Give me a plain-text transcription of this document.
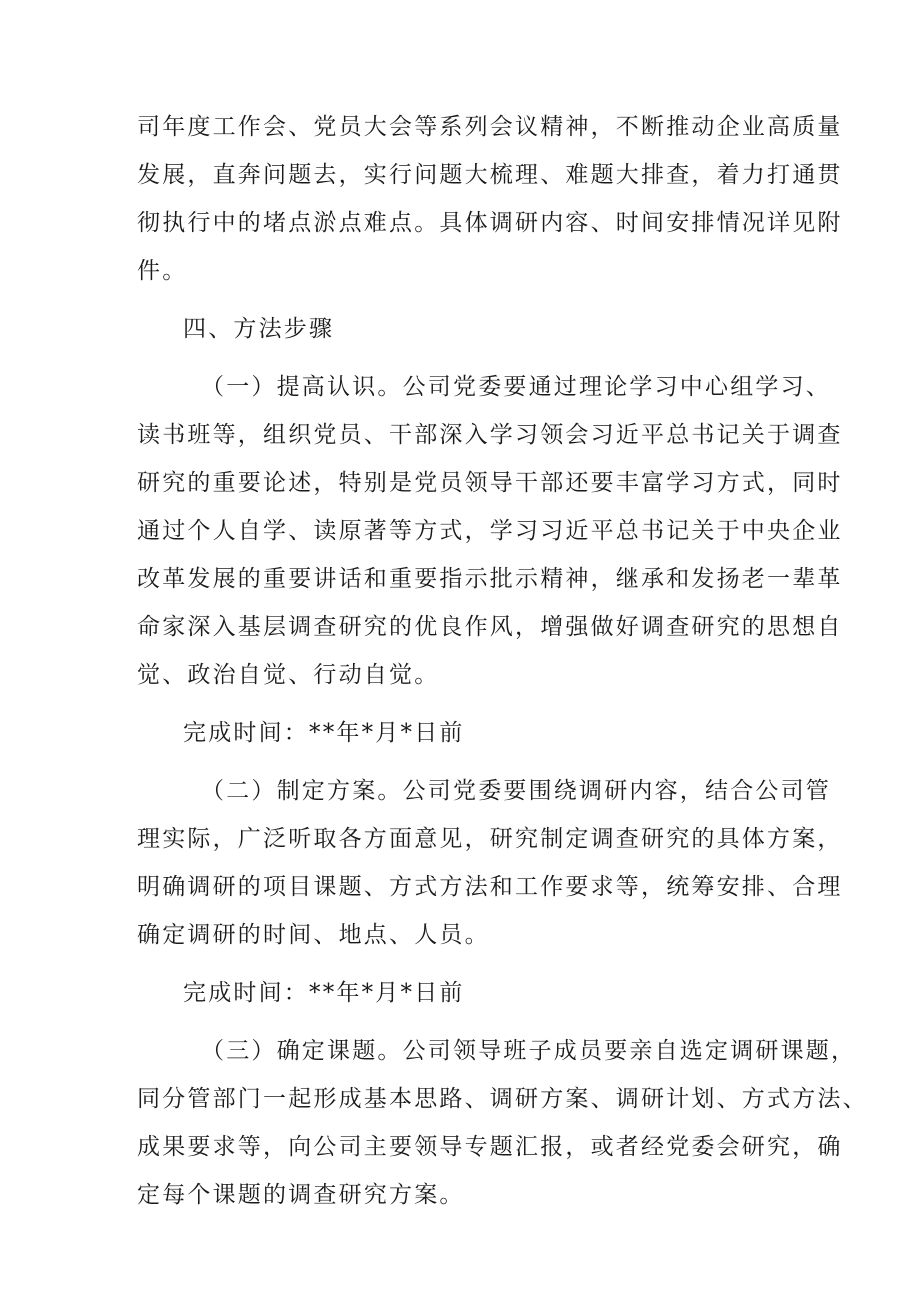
司年度工作会、党员大会等系列会议精神，不断推动企业高质量
发展，直奔问题去，实行问题大梳理、难题大排查，着力打通贯
彻执行中的堵点淤点难点。具体调研内容、时间安排情况详见附
件。

四、方法步骤

（一）提高认识。公司党委要通过理论学习中心组学习、
读书班等，组织党员、干部深入学习领会习近平总书记关于调查
研究的重要论述，特别是党员领导干部还要丰富学习方式，同时
通过个人自学、读原著等方式，学习习近平总书记关于中央企业
改革发展的重要讲话和重要指示批示精神，继承和发扬老一辈革
命家深入基层调查研究的优良作风，增强做好调查研究的思想自
觉、政治自觉、行动自觉。

完成时间：**年*月*日前

（二）制定方案。公司党委要围绕调研内容，结合公司管
理实际，广泛听取各方面意见，研究制定调查研究的具体方案，
明确调研的项目课题、方式方法和工作要求等，统筹安排、合理
确定调研的时间、地点、人员。

完成时间：**年*月*日前

（三）确定课题。公司领导班子成员要亲自选定调研课题，
同分管部门一起形成基本思路、调研方案、调研计划、方式方法、
成果要求等，向公司主要领导专题汇报，或者经党委会研究，确
定每个课题的调查研究方案。
